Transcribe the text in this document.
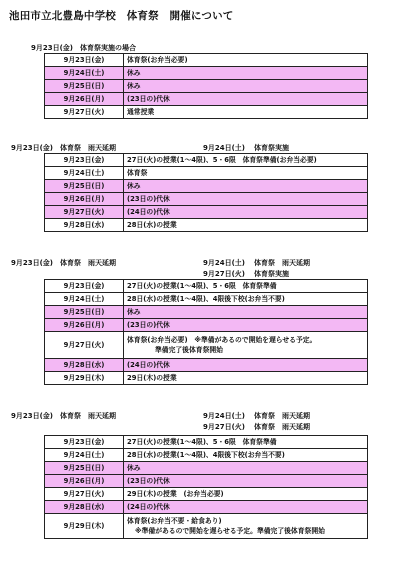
池田市立北豊島中学校　体育祭　開催について
9月23日(金)　体育祭実施の場合
9月23日(金)	体育祭(お弁当必要)
9月24日(土)	休み
9月25日(日)	休み
9月26日(月)	(23日の)代休
9月27日(火)	通常授業
9月23日(金)　体育祭　雨天延期	9月24日(土) 体育祭実施
9月23日(金)	27日(火)の授業(1～4限)、5・6限　体育祭準備(お弁当必要)
9月24日(土)	体育祭
9月25日(日)	休み
9月26日(月)	(23日の)代休
9月27日(火)	(24日の)代休
9月28日(水)	28日(水)の授業
9月23日(金)　体育祭　雨天延期	9月24日(土) 体育祭　雨天延期
9月27日(火) 体育祭実施
9月23日(金)	27日(火)の授業(1～4限)、5・6限　体育祭準備
9月24日(土)	28日(水)の授業(1～4限)、4限後下校(お弁当不要)
9月25日(日)	休み
9月26日(月)	(23日の)代休
9月27日(火)	体育祭(お弁当必要)　※準備があるので開始を遅らせる予定。
準備完了後体育祭開始

9月28日(水)	(24日の)代休
9月29日(木)	29日(木)の授業
9月23日(金)　体育祭　雨天延期	9月24日(土) 体育祭　雨天延期
9月27日(火) 体育祭　雨天延期
9月23日(金)	27日(火)の授業(1～4限)、5・6限　体育祭準備
9月24日(土)	28日(水)の授業(1～4限)、4限後下校(お弁当不要)
9月25日(日)	休み
9月26日(月)	(23日の)代休
9月27日(火)	29日(木)の授業　(お弁当必要)
9月28日(水)	(24日の)代休
9月29日(木)	体育祭(お弁当不要・給食あり)
※準備があるので開始を遅らせる予定。準備完了後体育祭開始
